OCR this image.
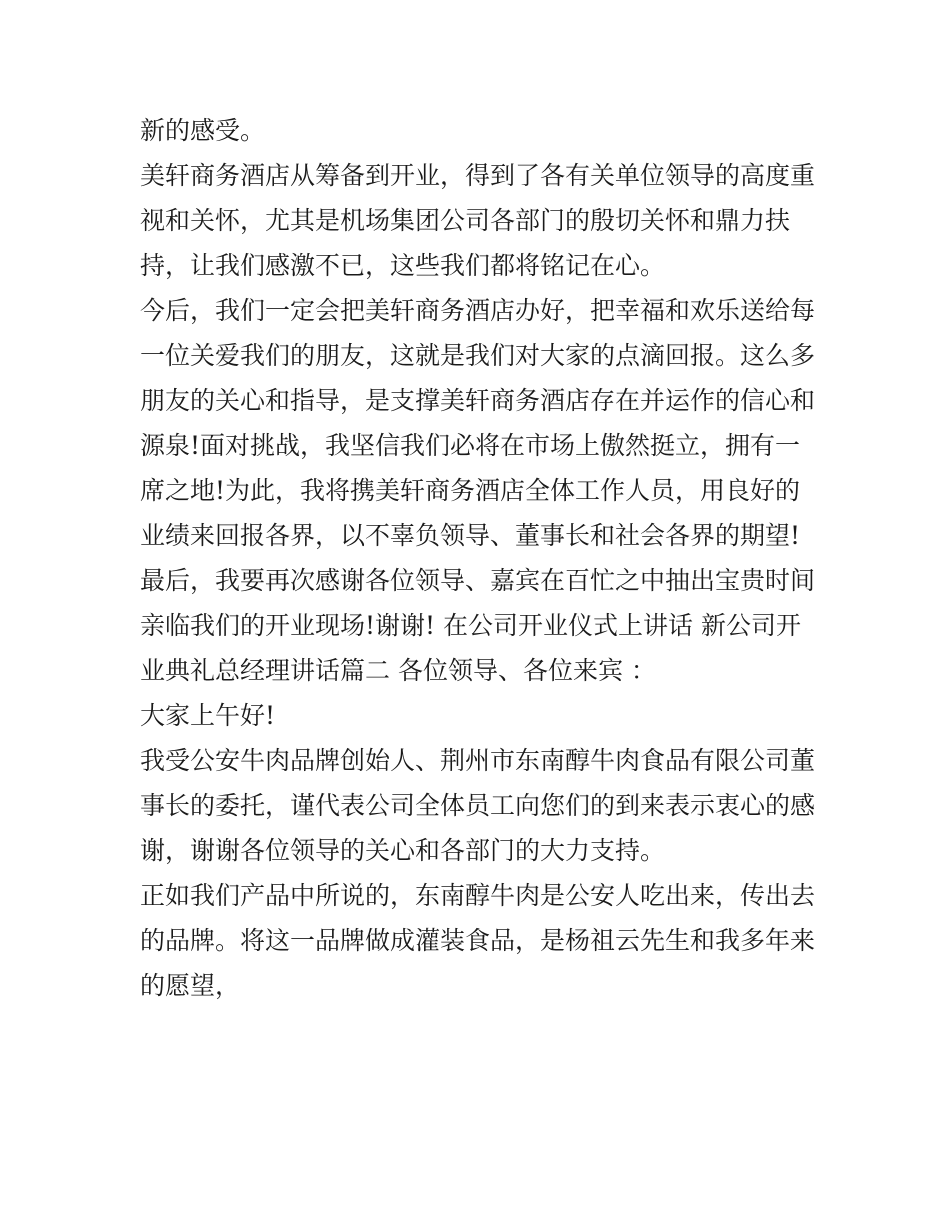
新的感受。
美轩商务酒店从筹备到开业，得到了各有关单位领导的高度重
视和关怀，尤其是机场集团公司各部门的殷切关怀和鼎力扶
持，让我们感激不已，这些我们都将铭记在心。
今后，我们一定会把美轩商务酒店办好，把幸福和欢乐送给每
一位关爱我们的朋友，这就是我们对大家的点滴回报。这么多
朋友的关心和指导，是支撑美轩商务酒店存在并运作的信心和
源泉!面对挑战，我坚信我们必将在市场上傲然挺立，拥有一
席之地!为此，我将携美轩商务酒店全体工作人员，用良好的
业绩来回报各界，以不辜负领导、董事长和社会各界的期望!
最后，我要再次感谢各位领导、嘉宾在百忙之中抽出宝贵时间
亲临我们的开业现场!谢谢! 在公司开业仪式上讲话 新公司开
业典礼总经理讲话篇二 各位领导、各位来宾 ：
大家上午好!
我受公安牛肉品牌创始人、荆州市东南醇牛肉食品有限公司董
事长的委托，谨代表公司全体员工向您们的到来表示衷心的感
谢，谢谢各位领导的关心和各部门的大力支持。
正如我们产品中所说的，东南醇牛肉是公安人吃出来，传出去
的品牌。将这一品牌做成灌装食品，是杨祖云先生和我多年来
的愿望，
